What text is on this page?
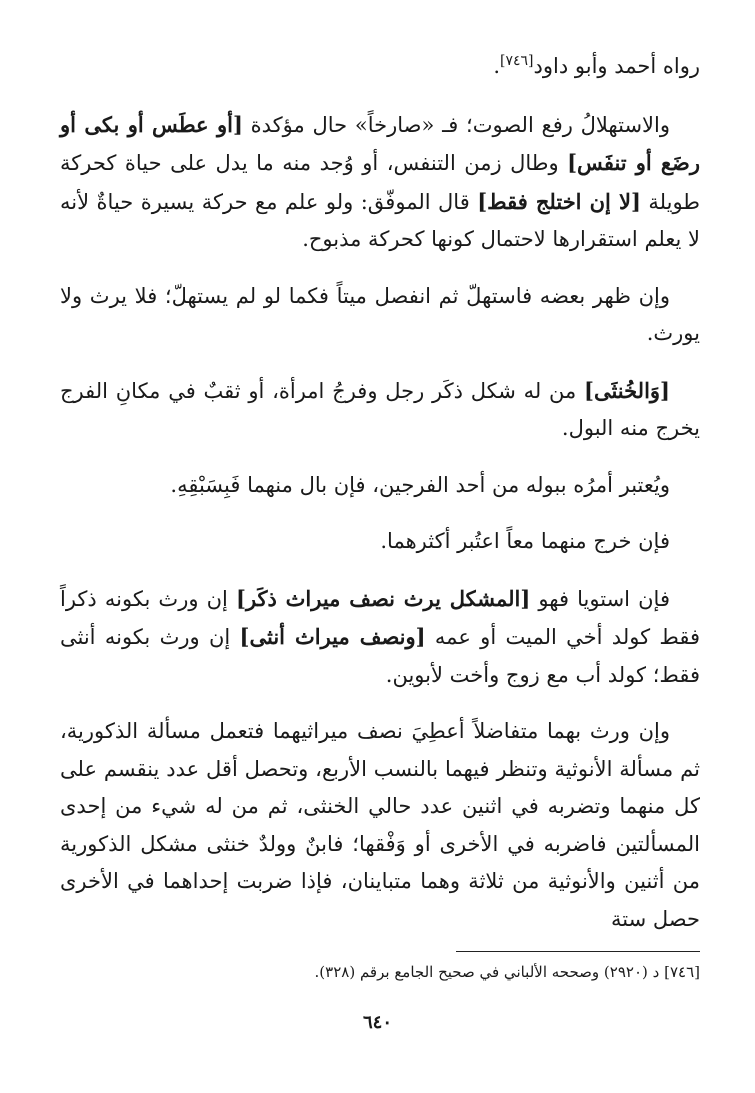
رواه أحمد وأبو داود[٧٤٦].

والاستهلالُ رفع الصوت؛ فـ «صارخاً» حال مؤكدة [أو عطَس أو بكى أو رضَع أو تنفَس] وطال زمن التنفس، أو وُجد منه ما يدل على حياة كحركة طويلة [لا إن اختلج فقط] قال الموفّق: ولو علم مع حركة يسيرة حياةٌ لأنه لا يعلم استقرارها لاحتمال كونها كحركة مذبوح.

وإن ظهر بعضه فاستهلّ ثم انفصل ميتاً فكما لو لم يستهلّ؛ فلا يرث ولا يورث.

[وَالخُنثَى] من له شكل ذكَر رجل وفرجُ امرأة، أو ثقبٌ في مكانِ الفرج يخرج منه البول.

ويُعتبر أمرُه ببوله من أحد الفرجين، فإن بال منهما فَبِسَبْقِهِ.

فإن خرج منهما معاً اعتُبر أكثرهما.

فإن استويا فهو [المشكل يرث نصف ميراث ذكَر] إن ورث بكونه ذكراً فقط كولد أخي الميت أو عمه [ونصف ميراث أنثى] إن ورث بكونه أنثى فقط؛ كولد أب مع زوج وأخت لأبوين.

وإن ورث بهما متفاضلاً أعطِيَ نصف ميراثيهما فتعمل مسألة الذكورية، ثم مسألة الأنوثية وتنظر فيهما بالنسب الأربع، وتحصل أقل عدد ينقسم على كل منهما وتضربه في اثنين عدد حالي الخنثى، ثم من له شيء من إحدى المسألتين فاضربه في الأخرى أو وَفْقها؛ فابنٌ وولدٌ خنثى مشكل الذكورية من أثنين والأنوثية من ثلاثة وهما متباينان، فإذا ضربت إحداهما في الأخرى حصل ستة

[٧٤٦] د (٢٩٢٠) وصححه الألباني في صحيح الجامع برقم (٣٢٨).
٦٤٠
